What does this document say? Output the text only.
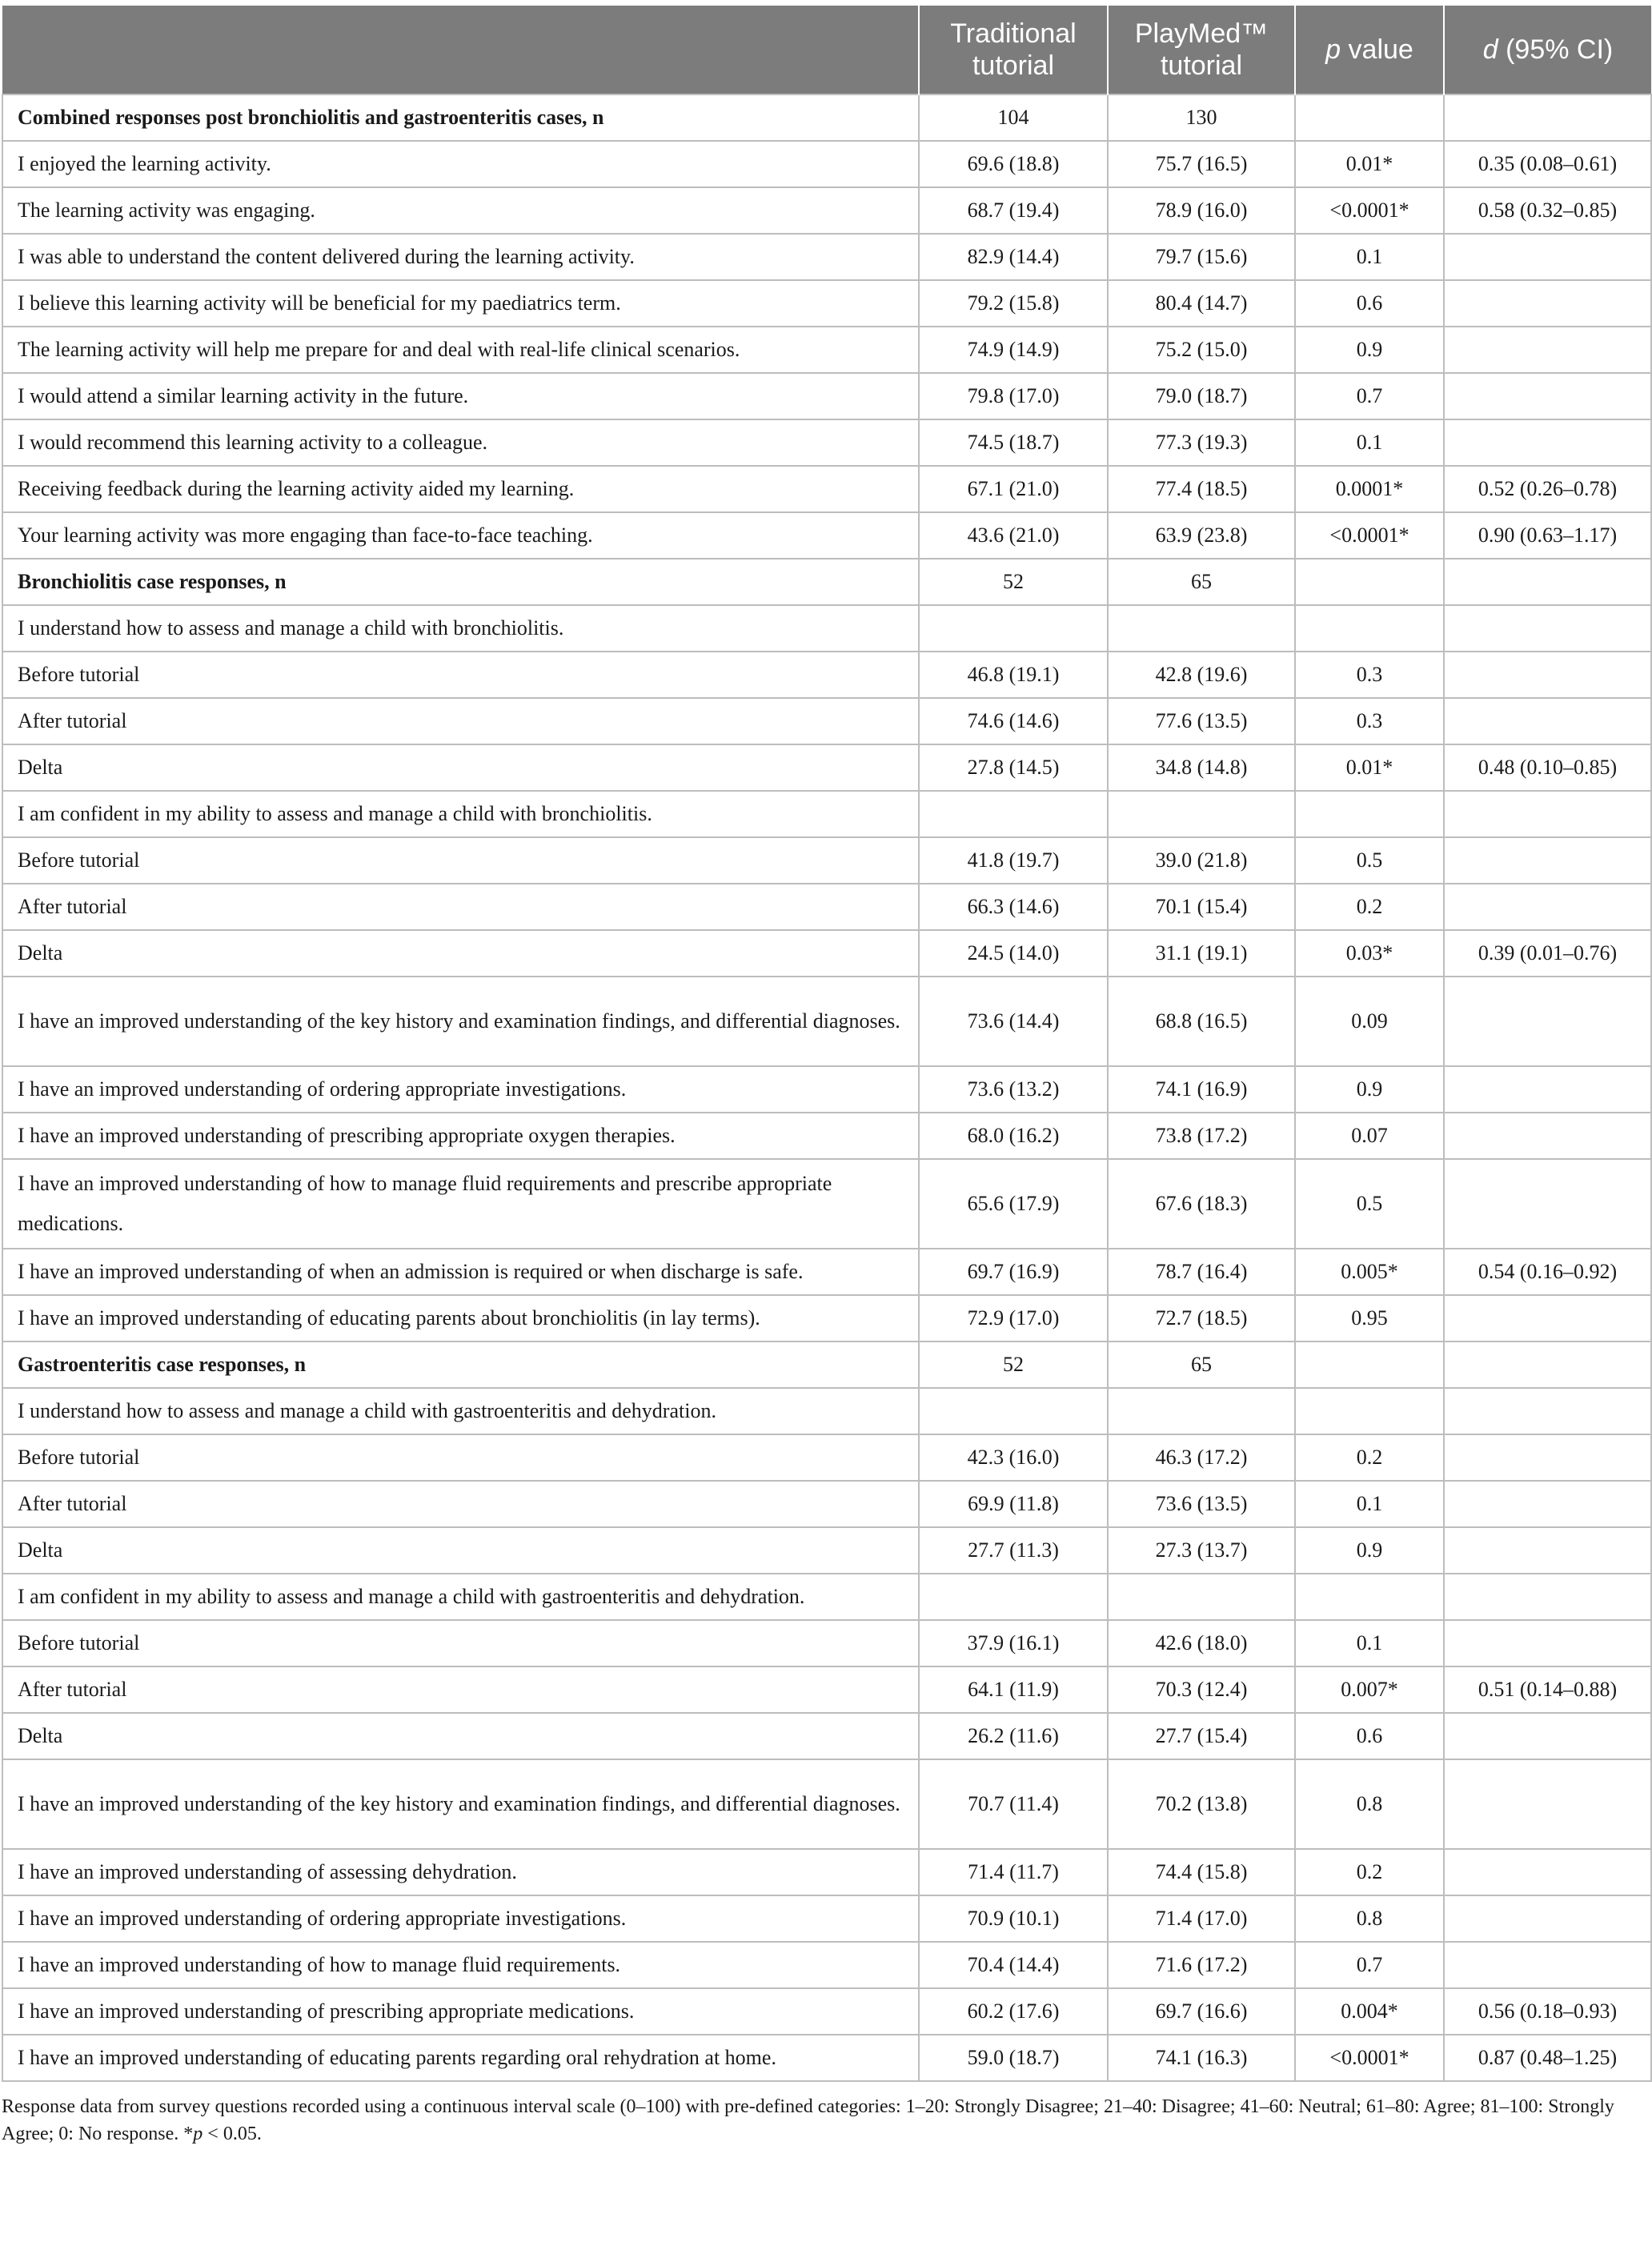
	Traditional tutorial	PlayMed™ tutorial	p value	d (95% CI)
Combined responses post bronchiolitis and gastroenteritis cases, n	104	130		
I enjoyed the learning activity.	69.6 (18.8)	75.7 (16.5)	0.01*	0.35 (0.08–0.61)
The learning activity was engaging.	68.7 (19.4)	78.9 (16.0)	<0.0001*	0.58 (0.32–0.85)
I was able to understand the content delivered during the learning activity.	82.9 (14.4)	79.7 (15.6)	0.1	
I believe this learning activity will be beneficial for my paediatrics term.	79.2 (15.8)	80.4 (14.7)	0.6	
The learning activity will help me prepare for and deal with real-life clinical scenarios.	74.9 (14.9)	75.2 (15.0)	0.9	
I would attend a similar learning activity in the future.	79.8 (17.0)	79.0 (18.7)	0.7	
I would recommend this learning activity to a colleague.	74.5 (18.7)	77.3 (19.3)	0.1	
Receiving feedback during the learning activity aided my learning.	67.1 (21.0)	77.4 (18.5)	0.0001*	0.52 (0.26–0.78)
Your learning activity was more engaging than face-to-face teaching.	43.6 (21.0)	63.9 (23.8)	<0.0001*	0.90 (0.63–1.17)
Bronchiolitis case responses, n	52	65		
I understand how to assess and manage a child with bronchiolitis.				
Before tutorial	46.8 (19.1)	42.8 (19.6)	0.3	
After tutorial	74.6 (14.6)	77.6 (13.5)	0.3	
Delta	27.8 (14.5)	34.8 (14.8)	0.01*	0.48 (0.10–0.85)
I am confident in my ability to assess and manage a child with bronchiolitis.				
Before tutorial	41.8 (19.7)	39.0 (21.8)	0.5	
After tutorial	66.3 (14.6)	70.1 (15.4)	0.2	
Delta	24.5 (14.0)	31.1 (19.1)	0.03*	0.39 (0.01–0.76)
I have an improved understanding of the key history and examination findings, and differential diagnoses.	73.6 (14.4)	68.8 (16.5)	0.09	
I have an improved understanding of ordering appropriate investigations.	73.6 (13.2)	74.1 (16.9)	0.9	
I have an improved understanding of prescribing appropriate oxygen therapies.	68.0 (16.2)	73.8 (17.2)	0.07	
I have an improved understanding of how to manage fluid requirements and prescribe appropriate medications.	65.6 (17.9)	67.6 (18.3)	0.5	
I have an improved understanding of when an admission is required or when discharge is safe.	69.7 (16.9)	78.7 (16.4)	0.005*	0.54 (0.16–0.92)
I have an improved understanding of educating parents about bronchiolitis (in lay terms).	72.9 (17.0)	72.7 (18.5)	0.95	
Gastroenteritis case responses, n	52	65		
I understand how to assess and manage a child with gastroenteritis and dehydration.				
Before tutorial	42.3 (16.0)	46.3 (17.2)	0.2	
After tutorial	69.9 (11.8)	73.6 (13.5)	0.1	
Delta	27.7 (11.3)	27.3 (13.7)	0.9	
I am confident in my ability to assess and manage a child with gastroenteritis and dehydration.				
Before tutorial	37.9 (16.1)	42.6 (18.0)	0.1	
After tutorial	64.1 (11.9)	70.3 (12.4)	0.007*	0.51 (0.14–0.88)
Delta	26.2 (11.6)	27.7 (15.4)	0.6	
I have an improved understanding of the key history and examination findings, and differential diagnoses.	70.7 (11.4)	70.2 (13.8)	0.8	
I have an improved understanding of assessing dehydration.	71.4 (11.7)	74.4 (15.8)	0.2	
I have an improved understanding of ordering appropriate investigations.	70.9 (10.1)	71.4 (17.0)	0.8	
I have an improved understanding of how to manage fluid requirements.	70.4 (14.4)	71.6 (17.2)	0.7	
I have an improved understanding of prescribing appropriate medications.	60.2 (17.6)	69.7 (16.6)	0.004*	0.56 (0.18–0.93)
I have an improved understanding of educating parents regarding oral rehydration at home.	59.0 (18.7)	74.1 (16.3)	<0.0001*	0.87 (0.48–1.25)
Response data from survey questions recorded using a continuous interval scale (0–100) with pre-defined categories: 1–20: Strongly Disagree; 21–40: Disagree; 41–60: Neutral; 61–80: Agree; 81–100: Strongly Agree; 0: No response. *p < 0.05.
